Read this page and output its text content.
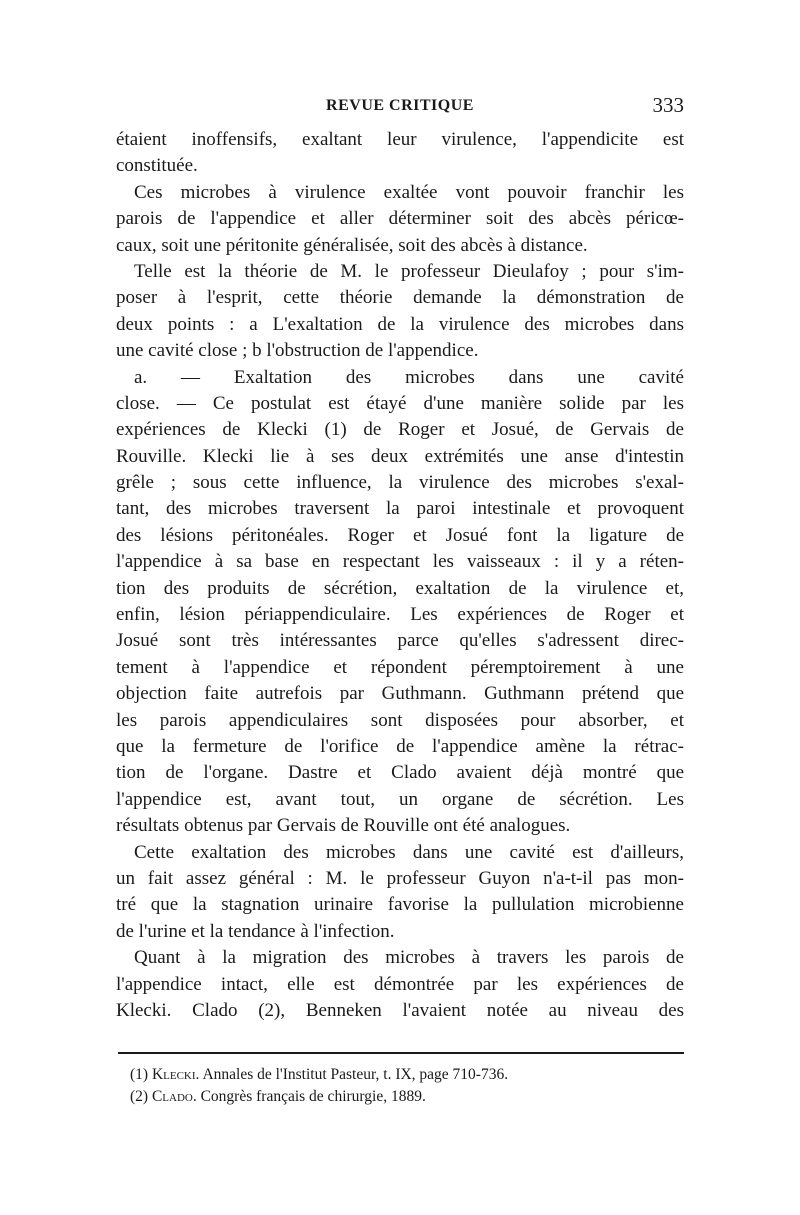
REVUE CRITIQUE	333
étaient inoffensifs, exaltant leur virulence, l'appendicite est
constituée.
Ces microbes à virulence exaltée vont pouvoir franchir les
parois de l'appendice et aller déterminer soit des abcès péricœ-
caux, soit une péritonite généralisée, soit des abcès à distance.
Telle est la théorie de M. le professeur Dieulafoy ; pour s'im-
poser à l'esprit, cette théorie demande la démonstration de
deux points : a L'exaltation de la virulence des microbes dans
une cavité close ; b l'obstruction de l'appendice.
a. — Exaltation des microbes dans une cavité
close. — Ce postulat est étayé d'une manière solide par les
expériences de Klecki (1) de Roger et Josué, de Gervais de
Rouville. Klecki lie à ses deux extrémités une anse d'intestin
grêle ; sous cette influence, la virulence des microbes s'exal-
tant, des microbes traversent la paroi intestinale et provoquent
des lésions péritonéales. Roger et Josué font la ligature de
l'appendice à sa base en respectant les vaisseaux : il y a réten-
tion des produits de sécrétion, exaltation de la virulence et,
enfin, lésion périappendiculaire. Les expériences de Roger et
Josué sont très intéressantes parce qu'elles s'adressent direc-
tement à l'appendice et répondent péremptoirement à une
objection faite autrefois par Guthmann. Guthmann prétend que
les parois appendiculaires sont disposées pour absorber, et
que la fermeture de l'orifice de l'appendice amène la rétrac-
tion de l'organe. Dastre et Clado avaient déjà montré que
l'appendice est, avant tout, un organe de sécrétion. Les
résultats obtenus par Gervais de Rouville ont été analogues.
Cette exaltation des microbes dans une cavité est d'ailleurs,
un fait assez général : M. le professeur Guyon n'a-t-il pas mon-
tré que la stagnation urinaire favorise la pullulation microbienne
de l'urine et la tendance à l'infection.
Quant à la migration des microbes à travers les parois de
l'appendice intact, elle est démontrée par les expériences de
Klecki. Clado (2), Benneken l'avaient notée au niveau des
(1) Klecki. Annales de l'Institut Pasteur, t. IX, page 710-736.
(2) Clado. Congrès français de chirurgie, 1889.
